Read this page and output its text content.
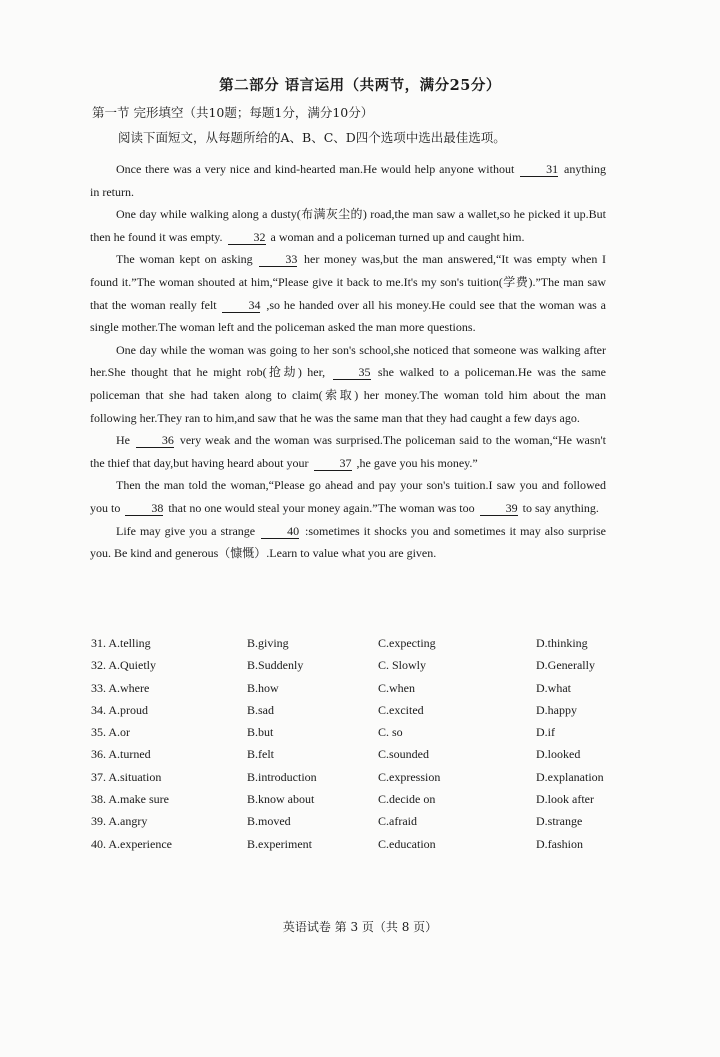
第二部分 语言运用（共两节，满分25分）
第一节 完形填空（共10题；每题1分，满分10分）
阅读下面短文，从每题所给的A、B、C、D四个选项中选出最佳选项。

Once there was a very nice and kind-hearted man.He would help anyone without	31 anything in return.

One day while walking along a dusty(布满灰尘的) road,the man saw a wallet,so he picked it up.But then he found it was empty.	32 a woman and a policeman turned up and caught him.

The woman kept on asking	33 her money was,but the man answered,“It was empty when I found it.”The woman shouted at him,“Please give it back to me.It's my son's tuition(学费).”The man saw that the woman really felt	34 ,so he handed over all his money.He could see that the woman was a single mother.The woman left and the policeman asked the man more questions.

One day while the woman was going to her son's school,she noticed that someone was walking after her.She thought that he might rob(抢劫) her,	35 she walked to a policeman.He was the same policeman that she had taken along to claim(索取) her money.The woman told him about the man following her.They ran to him,and saw that he was the same man that they had caught a few days ago.

He	36 very weak and the woman was surprised.The policeman said to the woman,“He wasn't the thief that day,but having heard about your	37 ,he gave you his money.”

Then the man told the woman,“Please go ahead and pay your son's tuition.I saw you and followed you to	38 that no one would steal your money again.”The woman was too	39 to say anything.

Life may give you a strange	40 :sometimes it shocks you and sometimes it may also surprise you. Be kind and generous（慷慨）.Learn to value what you are given.

31. A.telling	B.giving	C.expecting	D.thinking
32. A.Quietly	B.Suddenly	C. Slowly	D.Generally
33. A.where	B.how	C.when	D.what
34. A.proud	B.sad	C.excited	D.happy
35. A.or	B.but	C. so	D.if
36. A.turned	B.felt	C.sounded	D.looked
37. A.situation	B.introduction	C.expression	D.explanation
38. A.make sure	B.know about	C.decide on	D.look after
39. A.angry	B.moved	C.afraid	D.strange
40. A.experience	B.experiment	C.education	D.fashion
英语试卷 第 3 页（共 8 页）
